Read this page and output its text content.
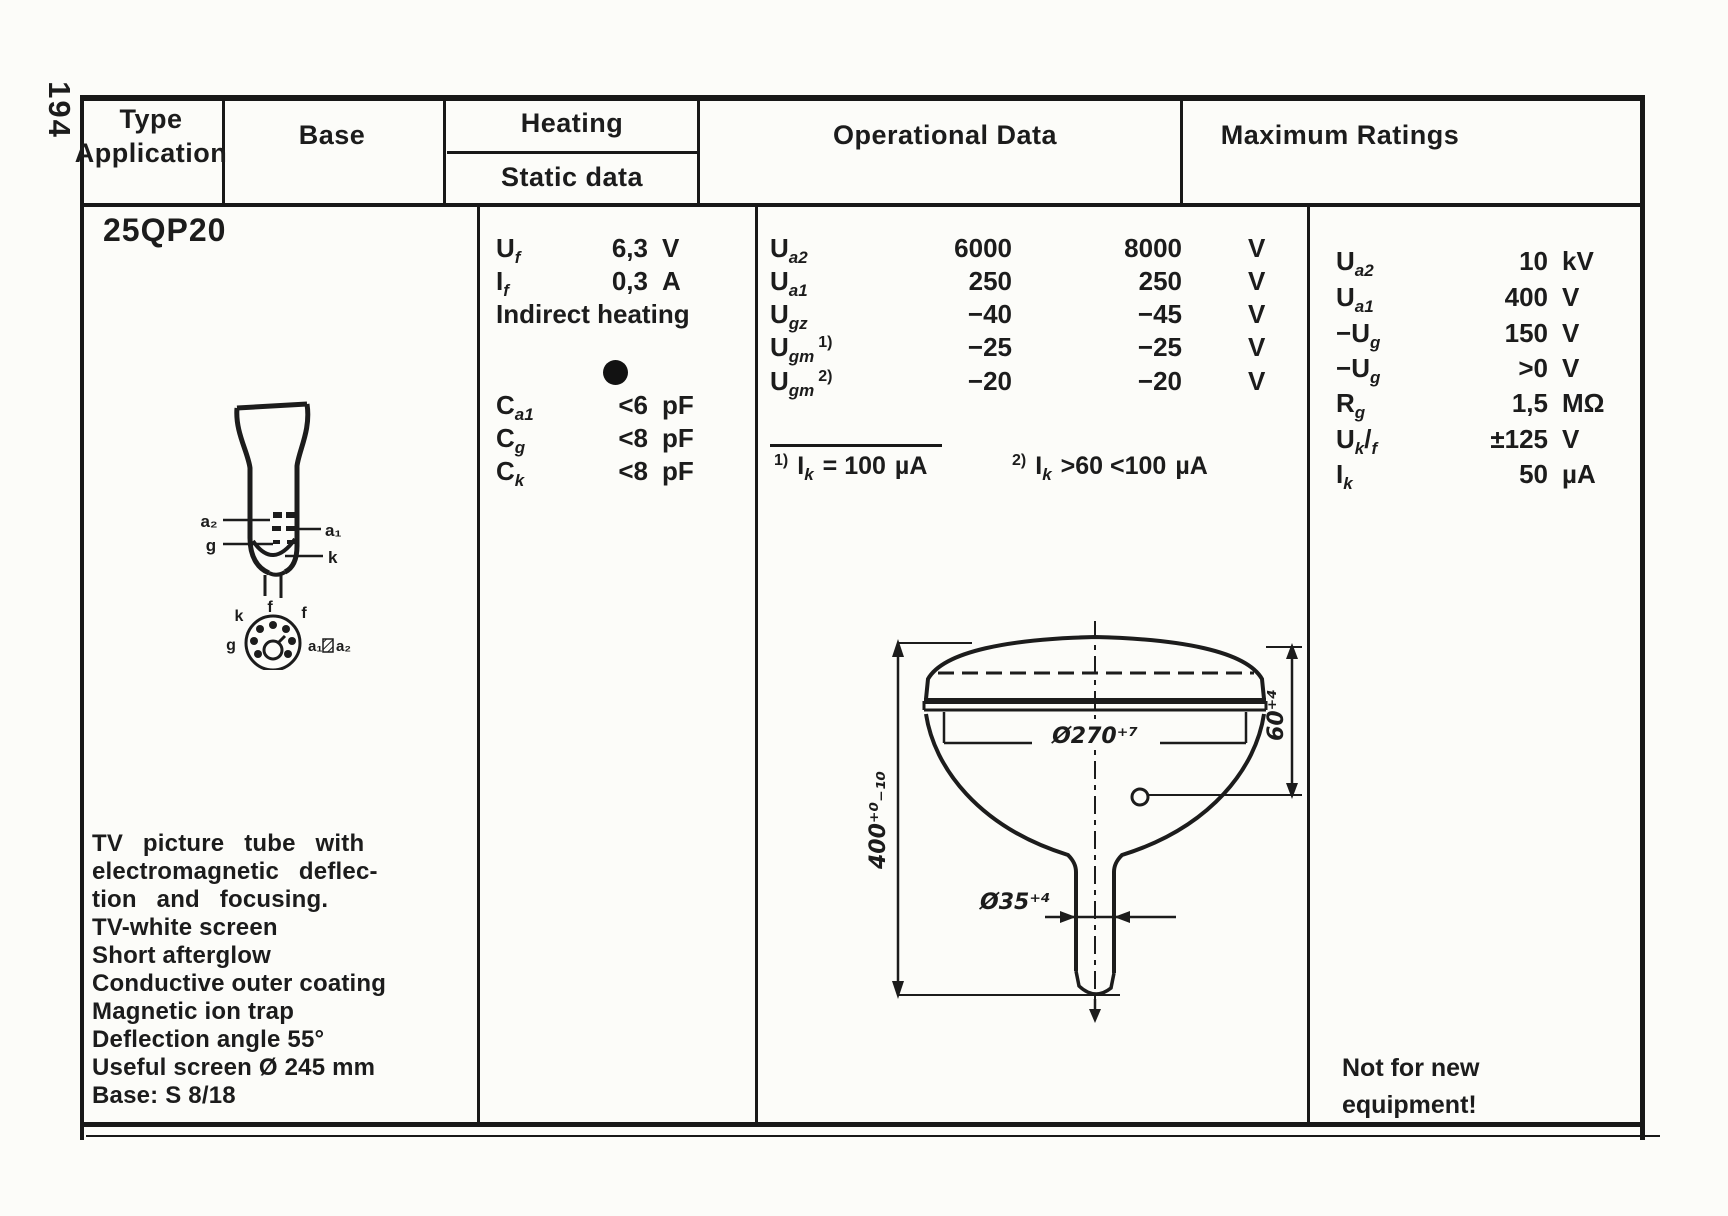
194 Type
Application
Base	Heating
Static data
Operational Data	Maximum Ratings
25QP20
a₂
g
a₁
k
f
k	f
g	a₁ a₂
TV picture tube with
electromagnetic deflec-
tion and focusing.
TV-white screen
Short afterglow
Conductive outer coating
Magnetic ion trap
Deflection angle 55°
Useful screen Ø 245 mm
Base: S 8/18
$U_f$	6,3 V
$I_f$	0,3 A
Indirect heating
$C_{a1}$	<6 pF
$C_g$	<8 pF
$C_k$	<8 pF
$U_{a2}$	6000	8000	V
$U_{a1}$	250	250	V
$U_{gz}$	−40	−45	V
$U_{gm}^{1)}$	−25	−25	V
$U_{gm}^{2)}$	−20	−20	V
$^{1)}$ $I_k = 100$ µA	$^{2)}$ $I_k >60 <100$ µA
400⁺⁰₋₁₀
Ø270⁺⁷	60⁺⁴
Ø35⁺⁴
$U_{a2}$	10 kV
$U_{a1}$	400 V
$-U_g$	150 V
$-U_g$	>0 V
$R_g$	1,5 MΩ
$U_k/_f$	±125 V
$I_k$	50 µA
Not for new
equipment!
